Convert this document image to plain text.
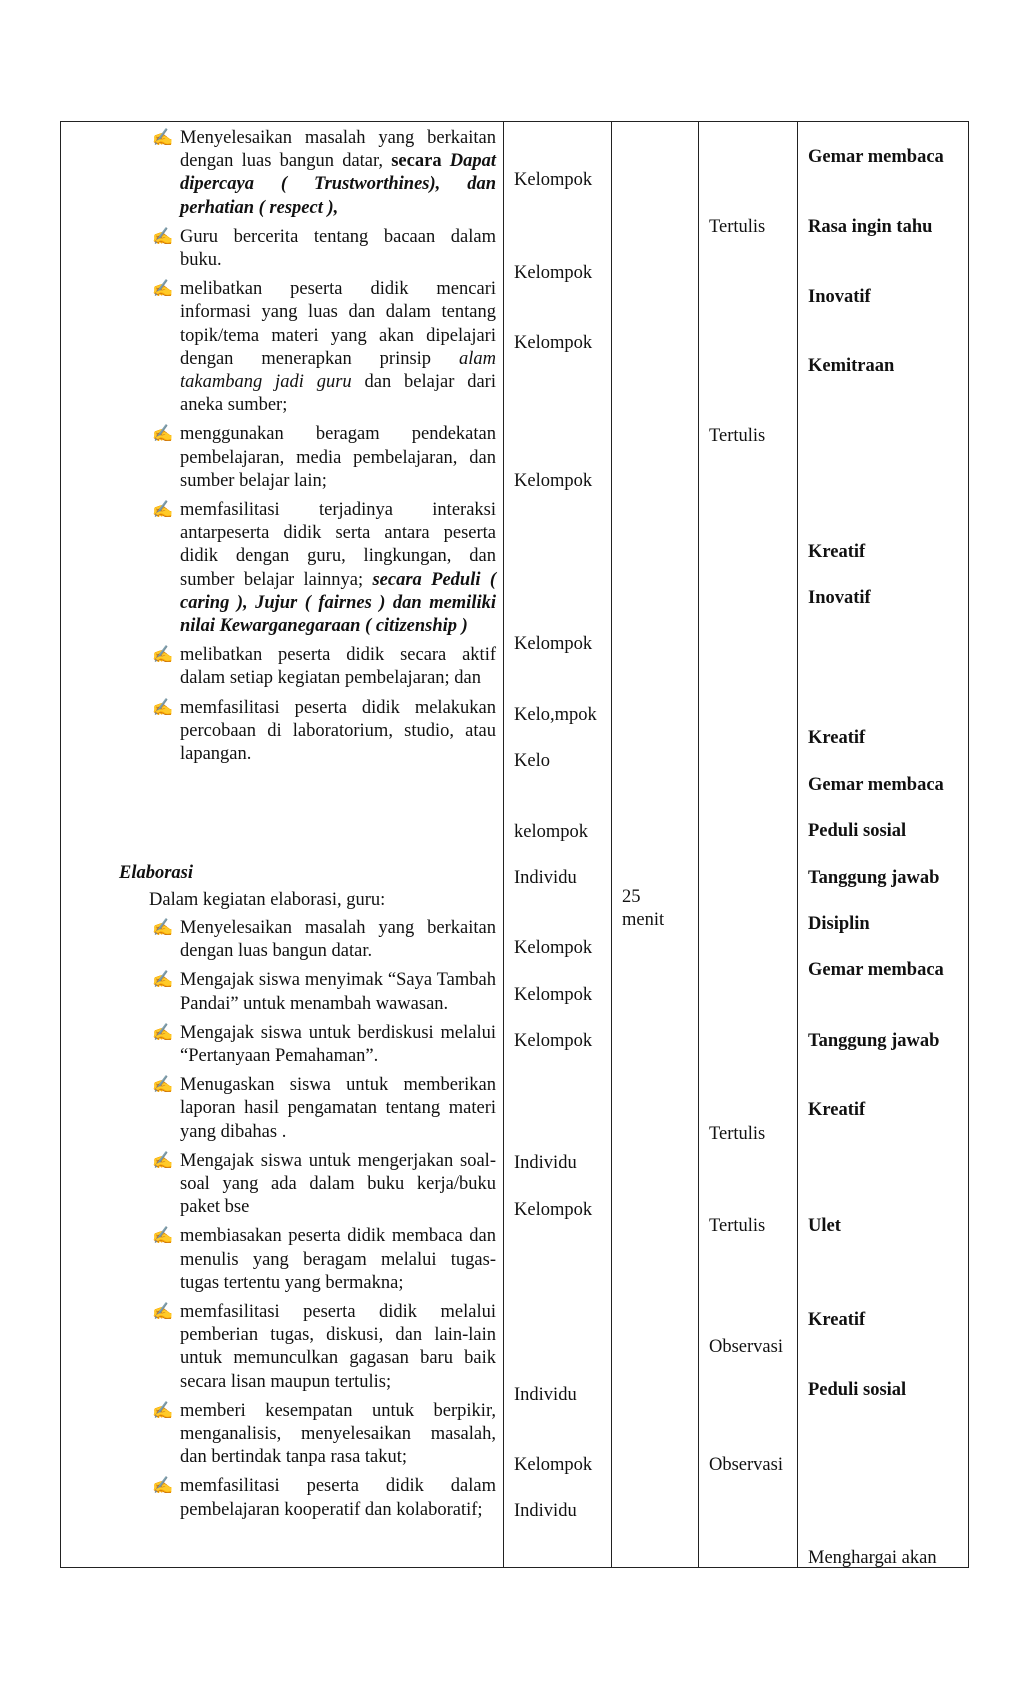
✍ Menyelesaikan masalah yang berkaitan dengan luas bangun datar, secara Dapat dipercaya ( Trustworthines), dan perhatian ( respect ),
✍ Guru bercerita tentang bacaan dalam buku.
✍ melibatkan peserta didik mencari informasi yang luas dan dalam tentang topik/tema materi yang akan dipelajari dengan menerapkan prinsip alam takambang jadi guru dan belajar dari aneka sumber;
✍ menggunakan beragam pendekatan pembelajaran, media pembelajaran, dan sumber belajar lain;
✍ memfasilitasi terjadinya interaksi antarpeserta didik serta antara peserta didik dengan guru, lingkungan, dan sumber belajar lainnya; secara Peduli ( caring ), Jujur ( fairnes ) dan memiliki nilai Kewarganegaraan ( citizenship )
✍ melibatkan peserta didik secara aktif dalam setiap kegiatan pembelajaran; dan
✍ memfasilitasi peserta didik melakukan percobaan di laboratorium, studio, atau lapangan.
Elaborasi
Dalam kegiatan elaborasi, guru:
✍ Menyelesaikan masalah yang berkaitan dengan luas bangun datar.
✍ Mengajak siswa menyimak “Saya Tambah Pandai” untuk menambah wawasan.
✍ Mengajak siswa untuk berdiskusi melalui “Pertanyaan Pemahaman”.
✍ Menugaskan siswa untuk memberikan laporan hasil pengamatan tentang materi yang dibahas .
✍ Mengajak siswa untuk mengerjakan soal-soal yang ada dalam buku kerja/buku paket bse
✍ membiasakan peserta didik membaca dan menulis yang beragam melalui tugas-tugas tertentu yang bermakna;
✍ memfasilitasi peserta didik melalui pemberian tugas, diskusi, dan lain-lain untuk memunculkan gagasan baru baik secara lisan maupun tertulis;
✍ memberi kesempatan untuk berpikir, menganalisis, menyelesaikan masalah, dan bertindak tanpa rasa takut;
✍ memfasilitasi peserta didik dalam pembelajaran kooperatif dan kolaboratif;
Kelompok
Kelompok
Kelompok
Kelompok
Kelompok
Kelo,mpok
Kelo
kelompok
Individu
Kelompok
Kelompok
Kelompok
Individu
Kelompok
Individu
Kelompok
Individu
25
menit
Tertulis
Tertulis
Tertulis
Tertulis
Observasi
Observasi
Gemar membaca
Rasa ingin tahu
Inovatif
Kemitraan
Kreatif
Inovatif
Kreatif
Gemar membaca
Peduli sosial
Tanggung jawab
Disiplin
Gemar membaca
Tanggung jawab
Kreatif
Ulet
Kreatif
Peduli sosial
Menghargai akan
